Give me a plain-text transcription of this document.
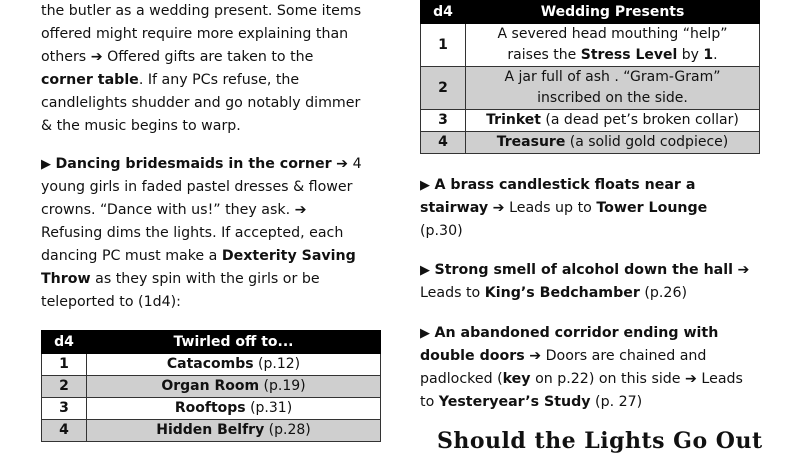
the butler as a wedding present. Some items

offered might require more explaining than

others ➔ Offered gifts are taken to the

corner table. If any PCs refuse, the

candlelights shudder and go notably dimmer

& the music begins to warp.

▶ Dancing bridesmaids in the corner ➔ 4

young girls in faded pastel dresses & flower

crowns. “Dance with us!” they ask. ➔

Refusing dims the lights. If accepted, each

dancing PC must make a Dexterity Saving

Throw as they spin with the girls or be

teleported to (1d4):

d4	Twirled off to...
1	Catacombs (p.12)
2	Organ Room (p.19)
3	Rooftops (p.31)
4	Hidden Belfry (p.28)
d4	Wedding Presents
1	A severed head mouthing “help”
raises the Stress Level by 1.
2	A jar full of ash . “Gram-Gram”
inscribed on the side.
3	Trinket (a dead pet’s broken collar)
4	Treasure (a solid gold codpiece)

▶ A brass candlestick floats near a

stairway ➔ Leads up to Tower Lounge

(p.30)

▶ Strong smell of alcohol down the hall ➔

Leads to King’s Bedchamber (p.26)

▶ An abandoned corridor ending with

double doors ➔ Doors are chained and

padlocked (key on p.22) on this side ➔ Leads

to Yesteryear’s Study (p. 27)

Should the Lights Go Out
